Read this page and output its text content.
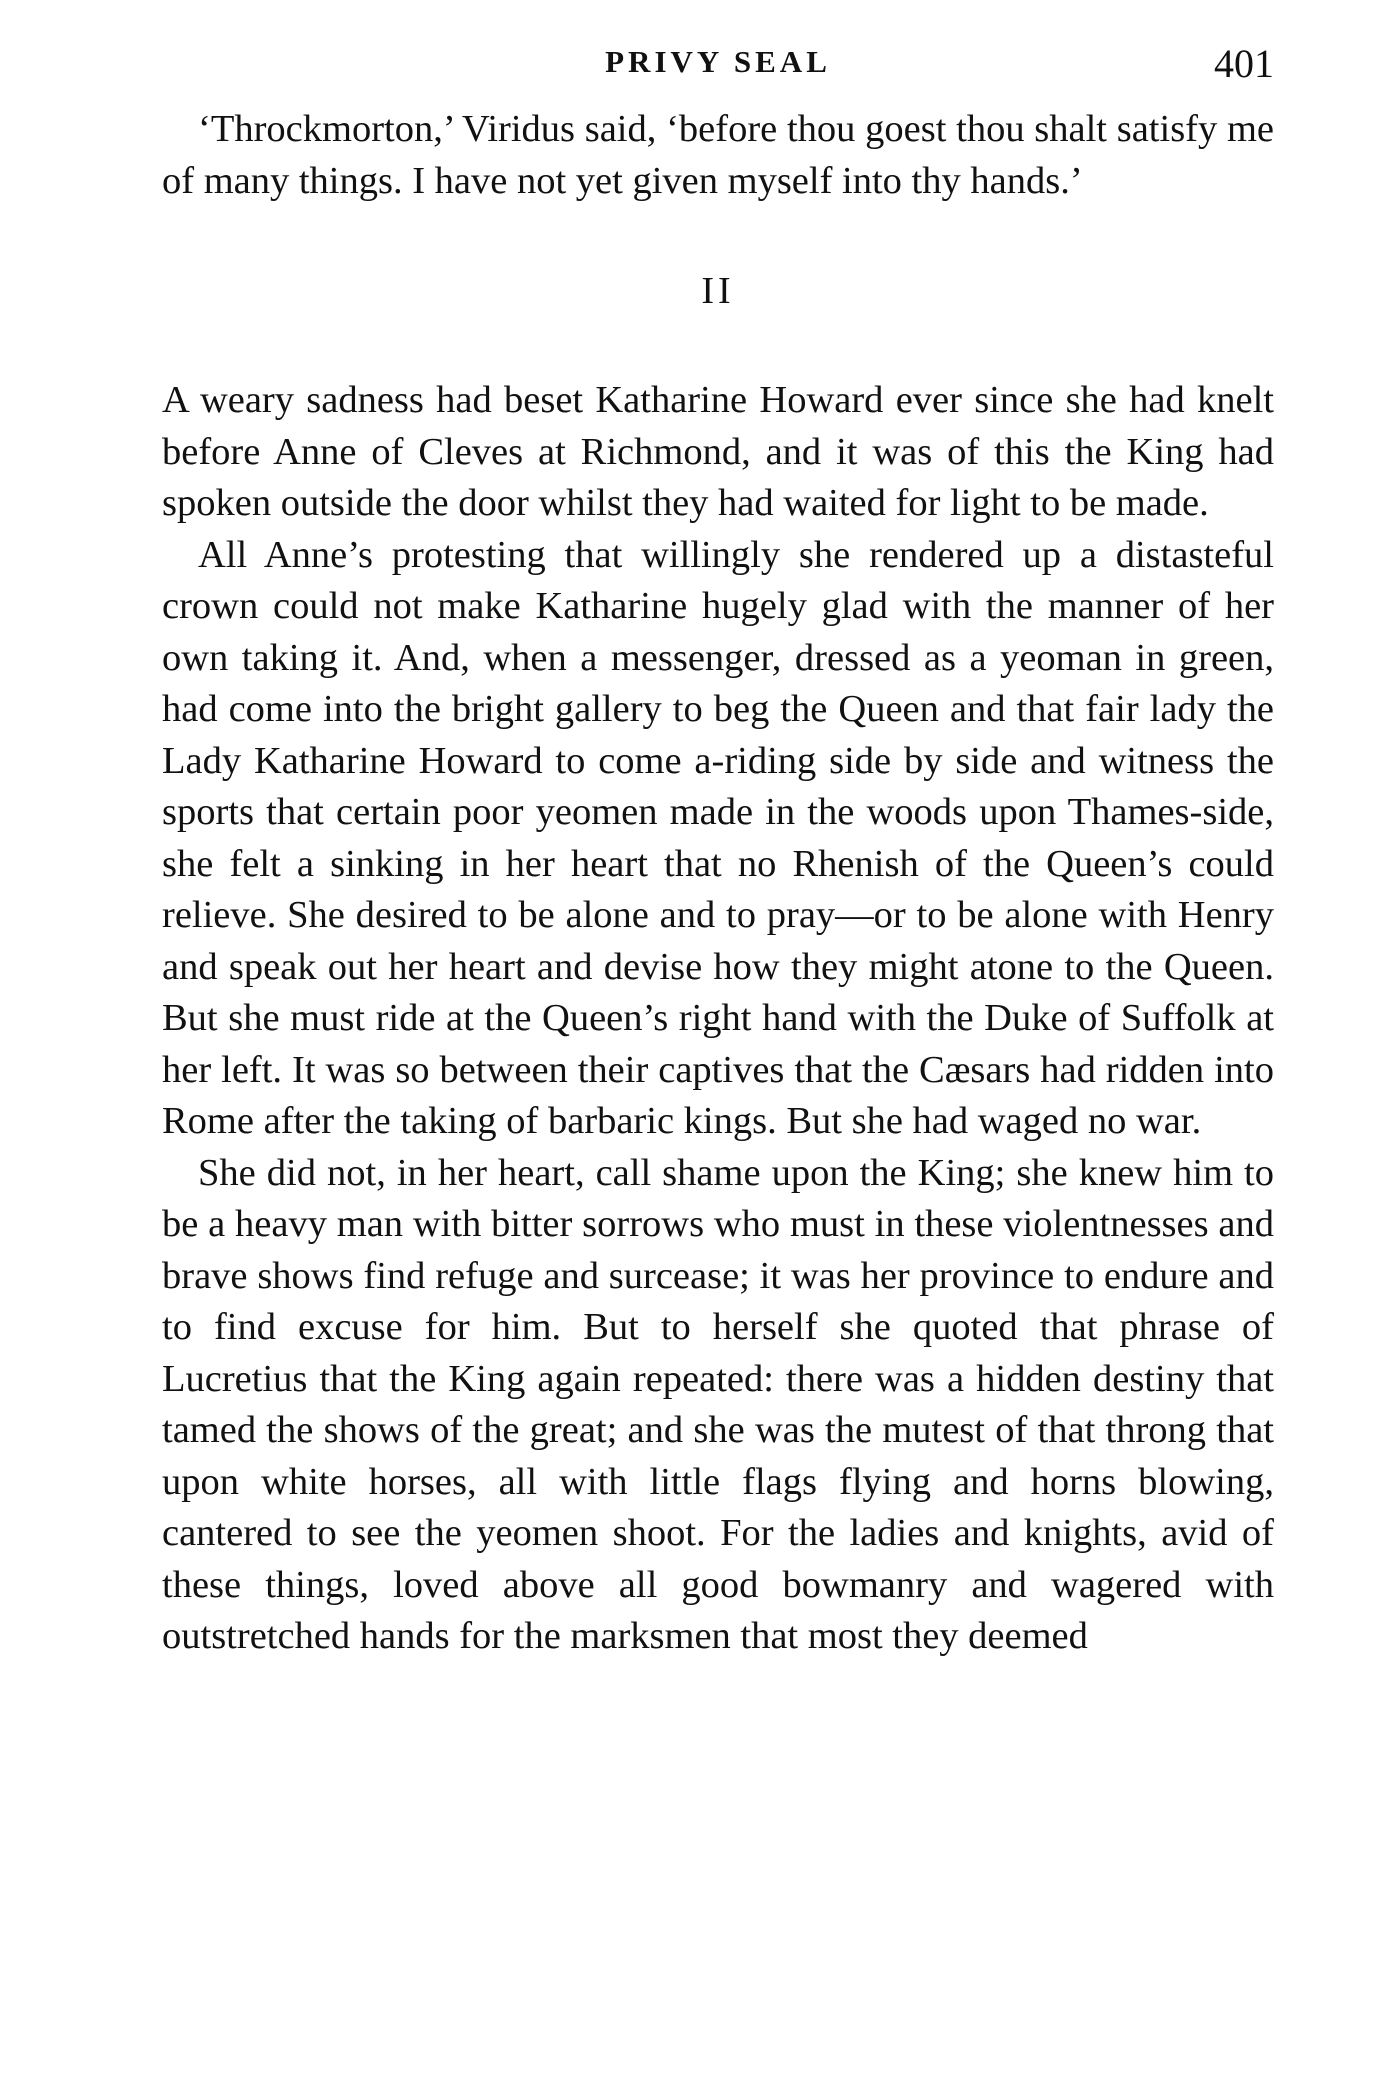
PRIVY SEAL	401

‘Throckmorton,’ Viridus said, ‘before thou goest thou shalt satisfy me of many things. I have not yet given myself into thy hands.’

II

A weary sadness had beset Katharine Howard ever since she had knelt before Anne of Cleves at Richmond, and it was of this the King had spoken outside the door whilst they had waited for light to be made.

All Anne’s protesting that willingly she rendered up a distasteful crown could not make Katharine hugely glad with the manner of her own taking it. And, when a messenger, dressed as a yeoman in green, had come into the bright gallery to beg the Queen and that fair lady the Lady Katharine Howard to come a-riding side by side and witness the sports that certain poor yeomen made in the woods upon Thames-side, she felt a sinking in her heart that no Rhenish of the Queen’s could relieve. She desired to be alone and to pray—or to be alone with Henry and speak out her heart and devise how they might atone to the Queen. But she must ride at the Queen’s right hand with the Duke of Suffolk at her left. It was so between their captives that the Cæsars had ridden into Rome after the taking of barbaric kings. But she had waged no war.

She did not, in her heart, call shame upon the King; she knew him to be a heavy man with bitter sorrows who must in these violentnesses and brave shows find refuge and surcease; it was her province to endure and to find excuse for him. But to herself she quoted that phrase of Lucretius that the King again repeated: there was a hidden destiny that tamed the shows of the great; and she was the mutest of that throng that upon white horses, all with little flags flying and horns blowing, cantered to see the yeomen shoot. For the ladies and knights, avid of these things, loved above all good bowmanry and wagered with outstretched hands for the marksmen that most they deemed
